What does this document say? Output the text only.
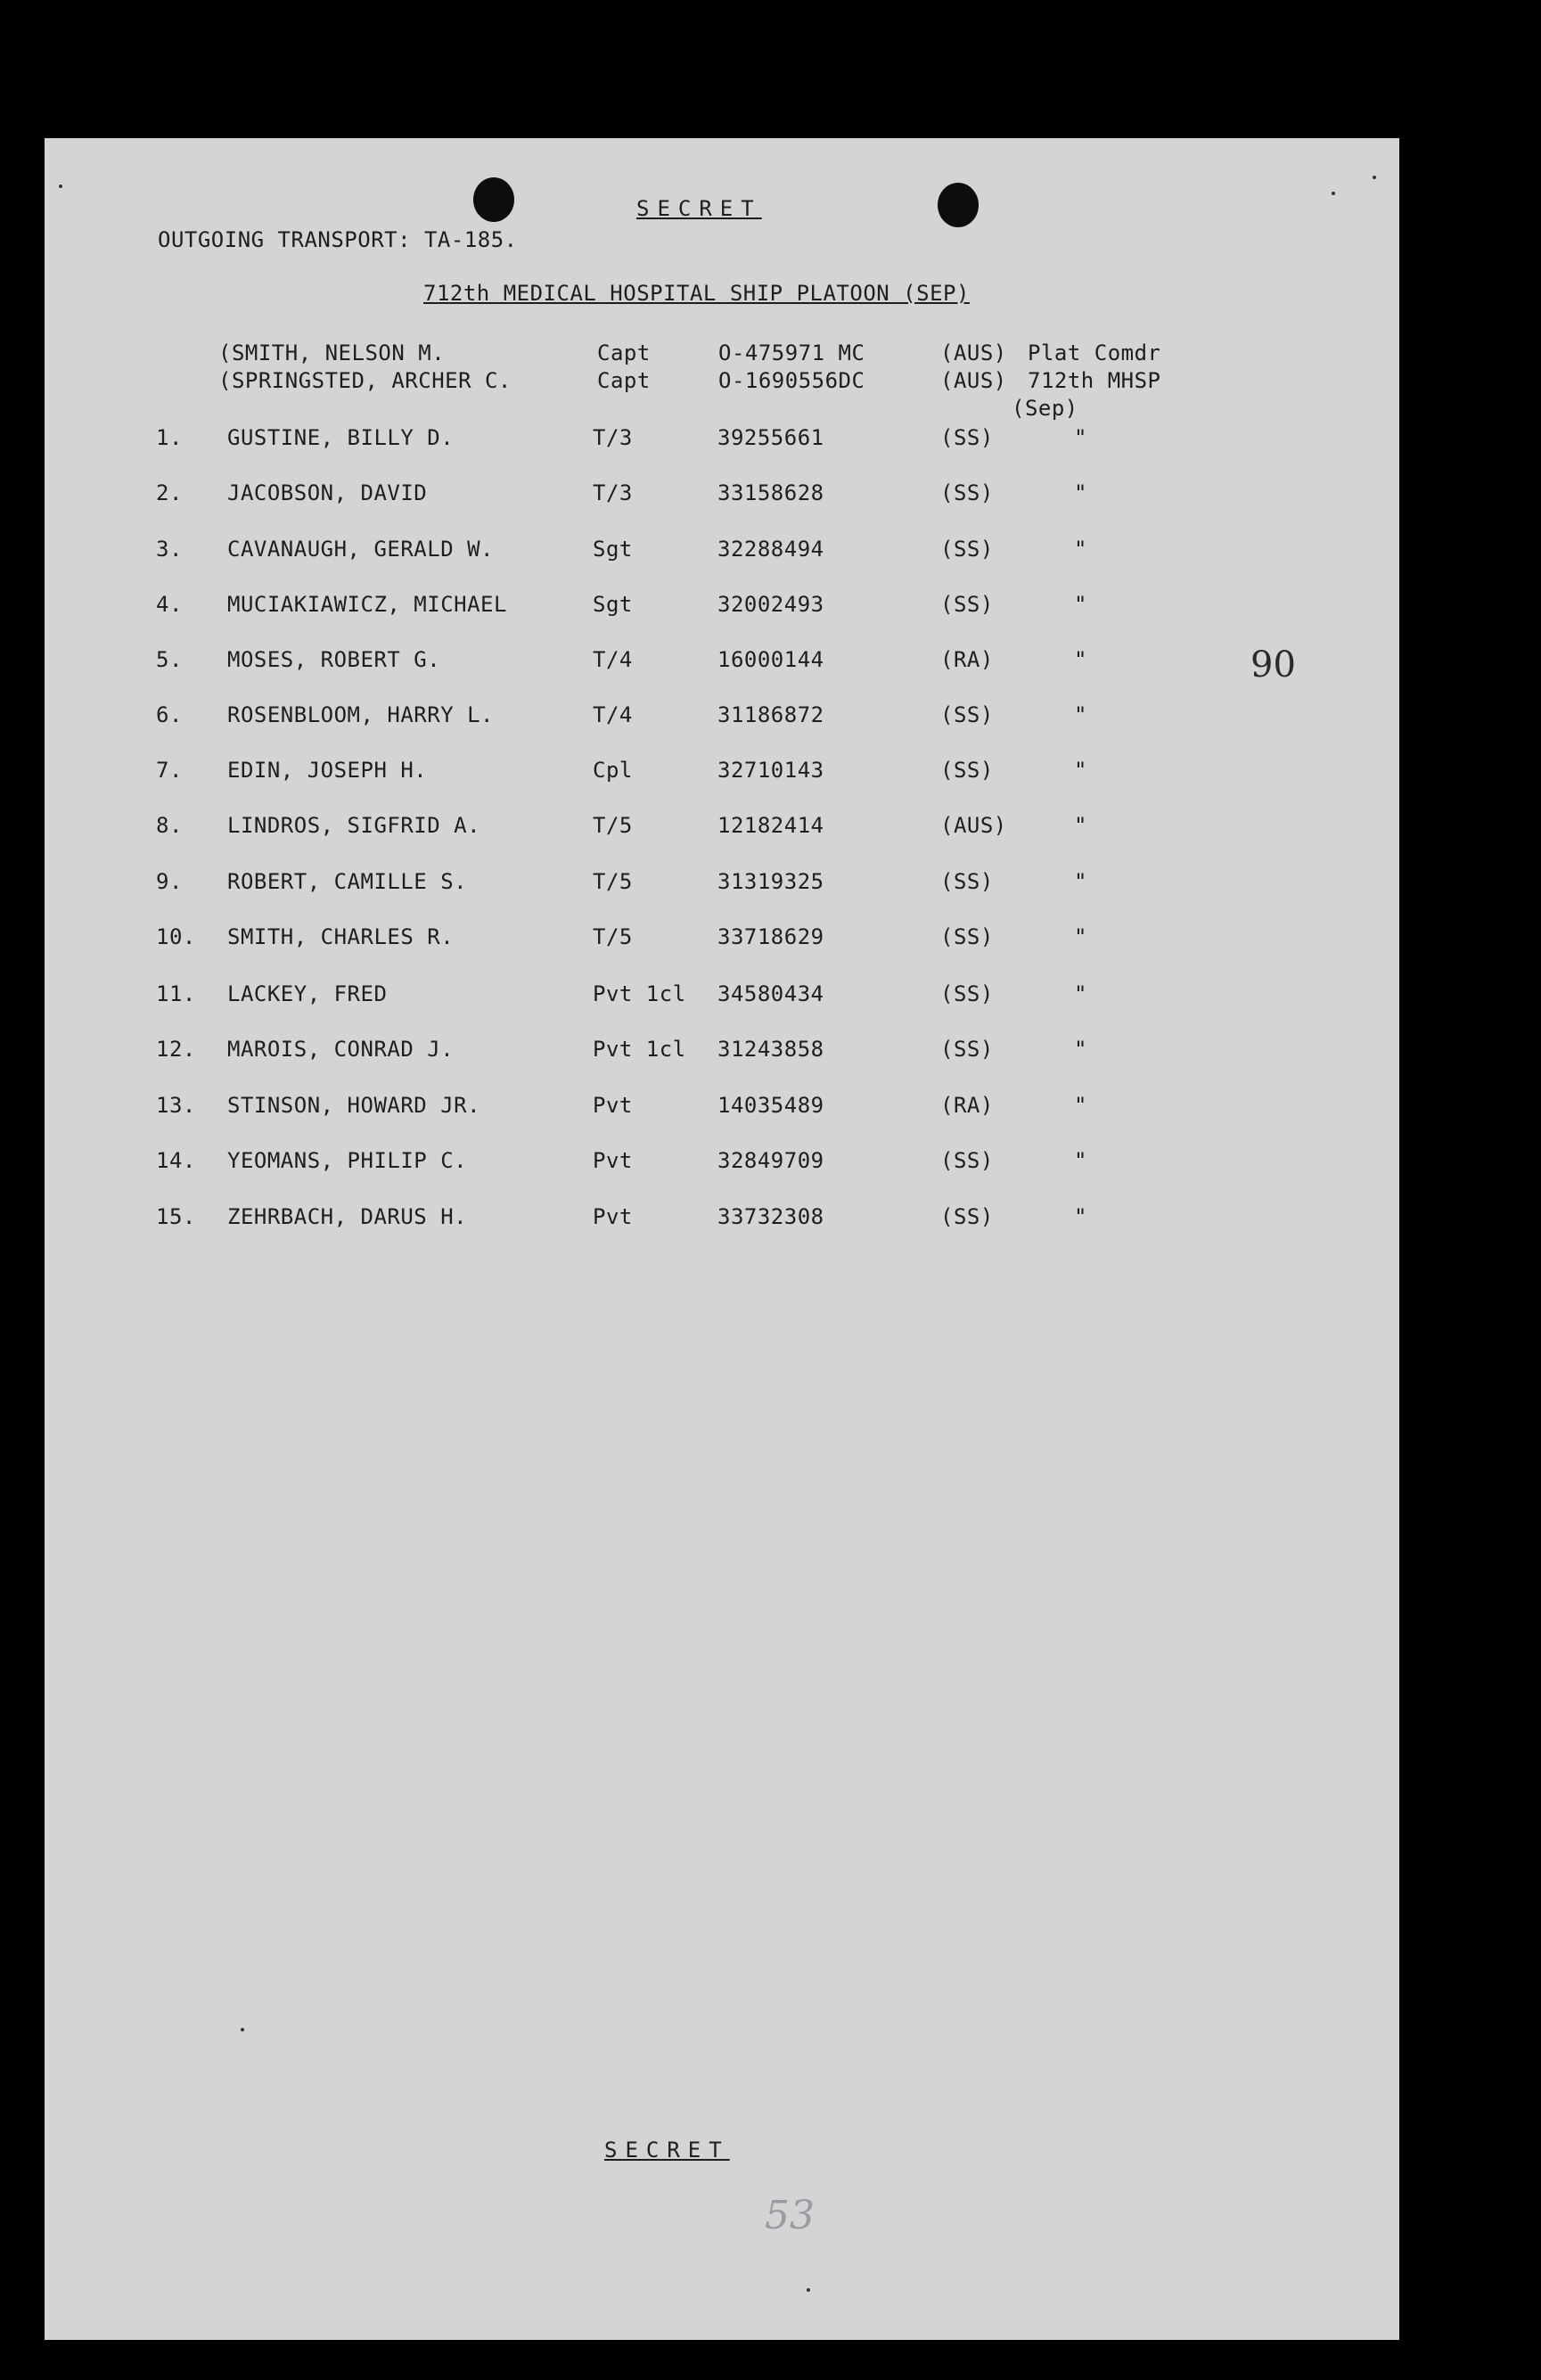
SECRET
OUTGOING TRANSPORT: TA-185.
712th MEDICAL HOSPITAL SHIP PLATOON (SEP)
(SMITH, NELSON M.	Capt	O-475971 MC	(AUS) Plat Comdr
(SPRINGSTED, ARCHER C.	Capt	O-1690556DC	(AUS) 712th MHSP
(Sep)
1. GUSTINE, BILLY D.	T/3	39255661	(SS)	"
2. JACOBSON, DAVID	T/3	33158628	(SS)	"
3. CAVANAUGH, GERALD W.	Sgt	32288494	(SS)	"
4. MUCIAKIAWICZ, MICHAEL	Sgt	32002493	(SS)	"
5. MOSES, ROBERT G.	T/4	16000144	(RA)	"
6. ROSENBLOOM, HARRY L.	T/4	31186872	(SS)	"
7. EDIN, JOSEPH H.	Cpl	32710143	(SS)	"
8. LINDROS, SIGFRID A.	T/5	12182414	(AUS)	"
9. ROBERT, CAMILLE S.	T/5	31319325	(SS)	"
10. SMITH, CHARLES R.	T/5	33718629	(SS)	"
11. LACKEY, FRED	Pvt 1cl 34580434	(SS)	"
12. MAROIS, CONRAD J.	Pvt 1cl 31243858	(SS)	"
13. STINSON, HOWARD JR.	Pvt	14035489	(RA)	"
14. YEOMANS, PHILIP C.	Pvt	32849709	(SS)	"
15. ZEHRBACH, DARUS H.	Pvt	33732308	(SS)	"
90
SECRET
53
